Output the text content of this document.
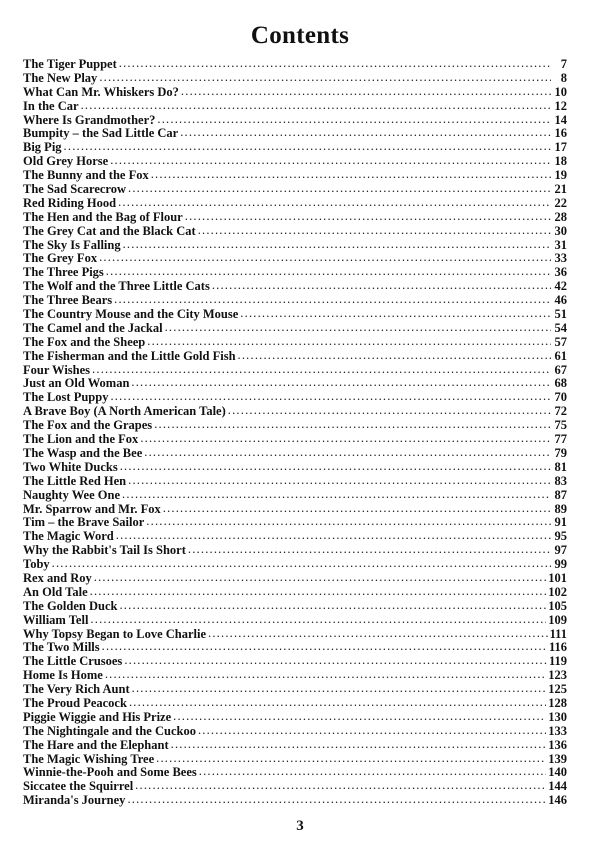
Contents
The Tiger Puppet .....	7
The New Play .....	8
What Can Mr. Whiskers Do? .....	10
In the Car .....	12
Where Is Grandmother? .....	14
Bumpity – the Sad Little Car .....	16
Big Pig .....	17
Old Grey Horse .....	18
The Bunny and the Fox .....	19
The Sad Scarecrow .....	21
Red Riding Hood .....	22
The Hen and the Bag of Flour .....	28
The Grey Cat and the Black Cat .....	30
The Sky Is Falling .....	31
The Grey Fox .....	33
The Three Pigs .....	36
The Wolf and the Three Little Cats .....	42
The Three Bears .....	46
The Country Mouse and the City Mouse .....	51
The Camel and the Jackal .....	54
The Fox and the Sheep .....	57
The Fisherman and the Little Gold Fish .....	61
Four Wishes .....	67
Just an Old Woman .....	68
The Lost Puppy .....	70
A Brave Boy (A North American Tale) .....	72
The Fox and the Grapes .....	75
The Lion and the Fox .....	77
The Wasp and the Bee .....	79
Two White Ducks .....	81
The Little Red Hen .....	83
Naughty Wee One .....	87
Mr. Sparrow and Mr. Fox .....	89
Tim – the Brave Sailor .....	91
The Magic Word .....	95
Why the Rabbit's Tail Is Short .....	97
Toby .....	99
Rex and Roy .....	101
An Old Tale .....	102
The Golden Duck .....	105
William Tell .....	109
Why Topsy Began to Love Charlie .....	111
The Two Mills .....	116
The Little Crusoes .....	119
Home Is Home .....	123
The Very Rich Aunt .....	125
The Proud Peacock .....	128
Piggie Wiggie and His Prize .....	130
The Nightingale and the Cuckoo .....	133
The Hare and the Elephant .....	136
The Magic Wishing Tree .....	139
Winnie-the-Pooh and Some Bees .....	140
Siccatee the Squirrel .....	144
Miranda's Journey .....	146
3
